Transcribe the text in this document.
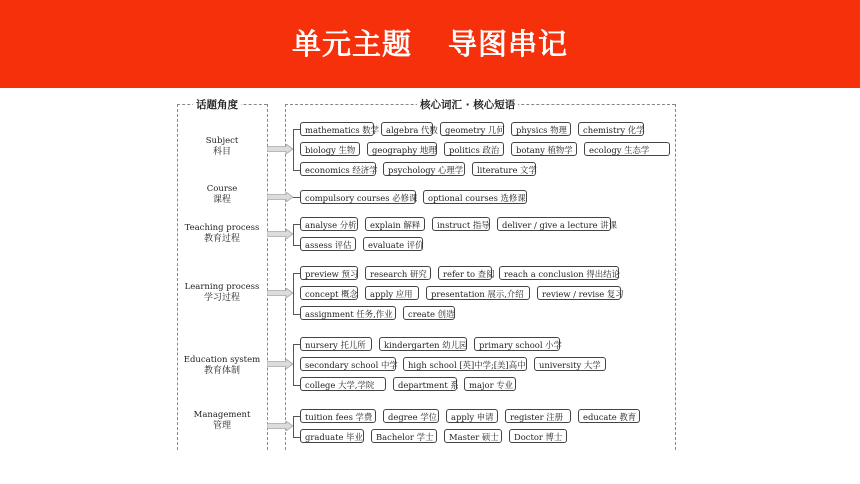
单元主题 导图串记
话题角度	核心词汇 · 核心短语
Subject
科目
mathematics 数学 algebra 代数 geometry 几何	physics 物理	chemistry 化学
biology 生物	geography 地理	politics 政治	botany 植物学	ecology 生态学
economics 经济学	psychology 心理学	literature 文学
Course
课程	compulsory courses 必修课	optional courses 选修课
Teaching process
教育过程
analyse 分析	explain 解释	instruct 指导	deliver / give a lecture 讲课
assess 评估	evaluate 评价
Learning process
学习过程
preview 预习	research 研究	refer to 查阅	reach a conclusion 得出结论
concept 概念	apply 应用	presentation 展示,介绍	review / revise 复习
assignment 任务,作业	create 创造
Education system
教育体制
nursery 托儿所	kindergarten 幼儿园	primary school 小学
secondary school 中学	high school [英]中学;[美]高中	university 大学
college 大学,学院	department 系	major 专业
Management
管理
tuition fees 学费	degree 学位	apply 申请	register 注册	educate 教育
graduate 毕业	Bachelor 学士	Master 硕士	Doctor 博士
